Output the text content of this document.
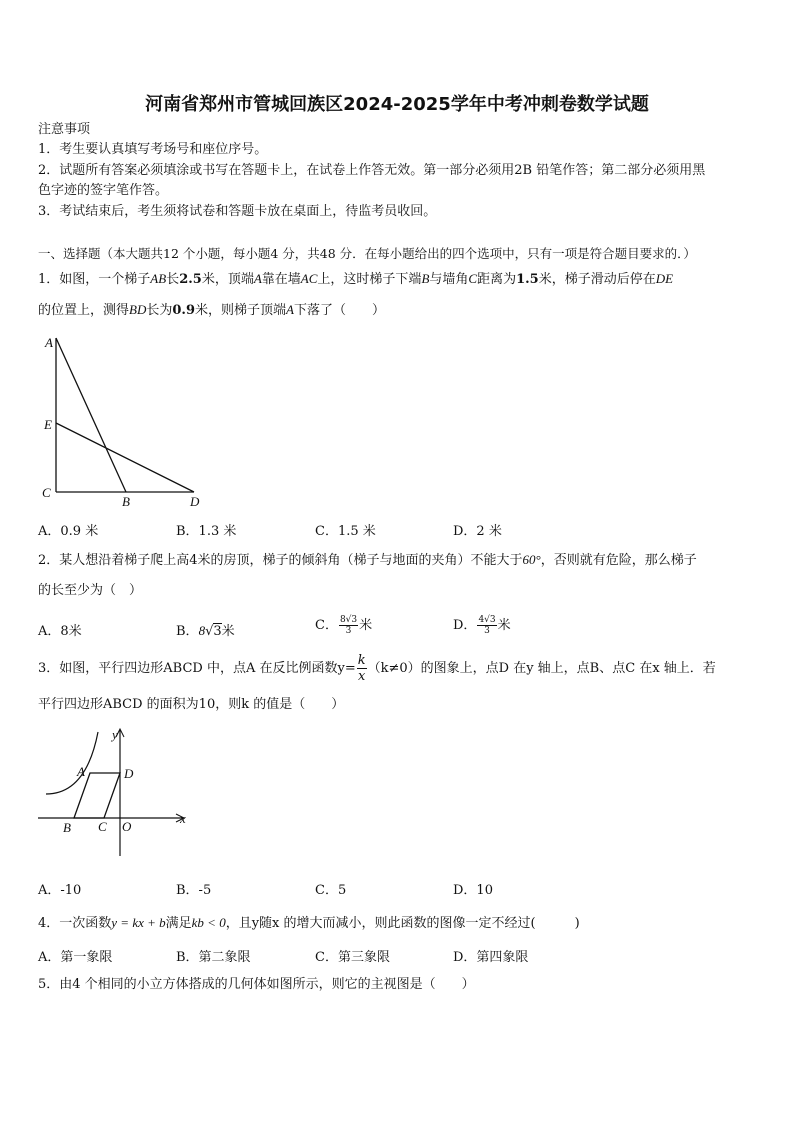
河南省郑州市管城回族区2024-2025学年中考冲刺卷数学试题
注意事项
1．考生要认真填写考场号和座位序号。
2．试题所有答案必须填涂或书写在答题卡上，在试卷上作答无效。第一部分必须用2B 铅笔作答；第二部分必须用黑
色字迹的签字笔作答。
3．考试结束后，考生须将试卷和答题卡放在桌面上，待监考员收回。
一、选择题（本大题共12 个小题，每小题4 分，共48 分．在每小题给出的四个选项中，只有一项是符合题目要求的．）
1．如图，一个梯子AB长2.5米，顶端A靠在墙AC上，这时梯子下端B与墙角C距离为1.5米，梯子滑动后停在DE
的位置上，测得BD长为0.9米，则梯子顶端A下落了（　　）
A
E
C
B	D
A．0.9 米	B．1.3 米	C．1.5 米	D．2 米
2．某人想沿着梯子爬上高4米的房顶，梯子的倾斜角（梯子与地面的夹角）不能大于60°，否则就有危险，那么梯子
的长至少为（　）
A．8米	B．8√3米	C． $\frac{8√3}{3}$ 米	D． $\frac{4√3}{3}$ 米
3．如图，平行四边形ABCD 中，点A 在反比例函数$y= \frac{k}{x} (k\ne 0)$的图象上，点D 在y 轴上，点B、点C 在x 轴上．若
平行四边形ABCD 的面积为10，则k 的值是（　　）
y
A	D
B C O
x
A．-10	B．-5	C．5	D．10
4．一次函数y = kx + b满足kb < 0，且y随x 的增大而减小，则此函数的图像一定不经过(　　　)
A．第一象限	B．第二象限	C．第三象限	D．第四象限
5．由4 个相同的小立方体搭成的几何体如图所示，则它的主视图是（　　）
